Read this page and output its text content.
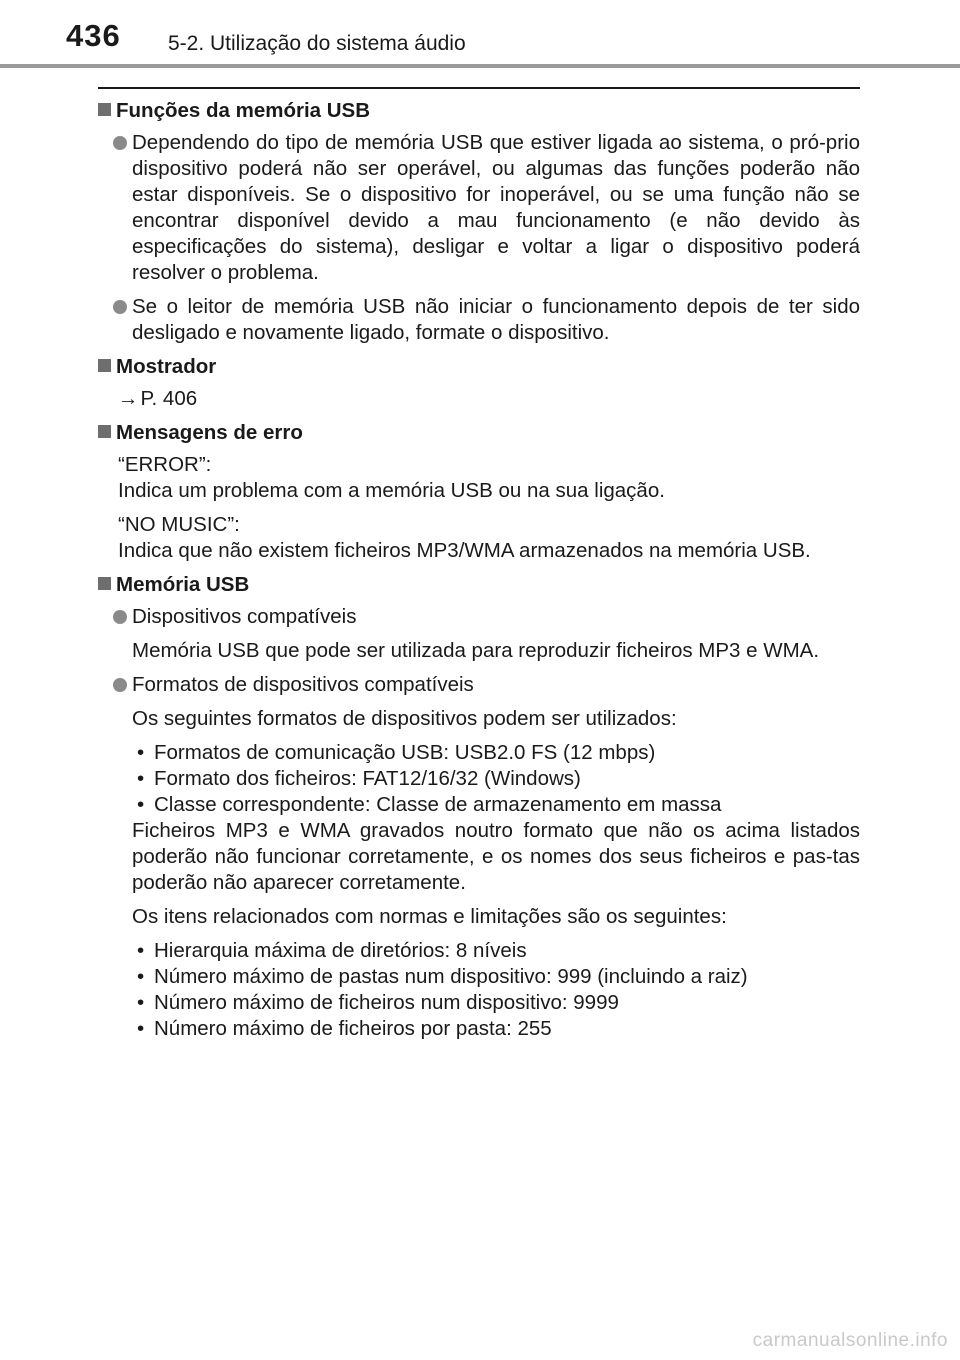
436 5-2. Utilização do sistema áudio
Funções da memória USB
Dependendo do tipo de memória USB que estiver ligada ao sistema, o pró-prio dispositivo poderá não ser operável, ou algumas das funções poderão não estar disponíveis. Se o dispositivo for inoperável, ou se uma função não se encontrar disponível devido a mau funcionamento (e não devido às especificações do sistema), desligar e voltar a ligar o dispositivo poderá resolver o problema.
Se o leitor de memória USB não iniciar o funcionamento depois de ter sido desligado e novamente ligado, formate o dispositivo.
Mostrador
→P. 406
Mensagens de erro
“ERROR”:
Indica um problema com a memória USB ou na sua ligação.
“NO MUSIC”:
Indica que não existem ficheiros MP3/WMA armazenados na memória USB.
Memória USB
Dispositivos compatíveis
Memória USB que pode ser utilizada para reproduzir ficheiros MP3 e WMA.
Formatos de dispositivos compatíveis
Os seguintes formatos de dispositivos podem ser utilizados:
• Formatos de comunicação USB: USB2.0 FS (12 mbps)
• Formato dos ficheiros: FAT12/16/32 (Windows)
• Classe correspondente: Classe de armazenamento em massa
Ficheiros MP3 e WMA gravados noutro formato que não os acima listados poderão não funcionar corretamente, e os nomes dos seus ficheiros e pas-tas poderão não aparecer corretamente.
Os itens relacionados com normas e limitações são os seguintes:
• Hierarquia máxima de diretórios: 8 níveis
• Número máximo de pastas num dispositivo: 999 (incluindo a raiz)
• Número máximo de ficheiros num dispositivo: 9999
• Número máximo de ficheiros por pasta: 255
carmanualsonline.info
